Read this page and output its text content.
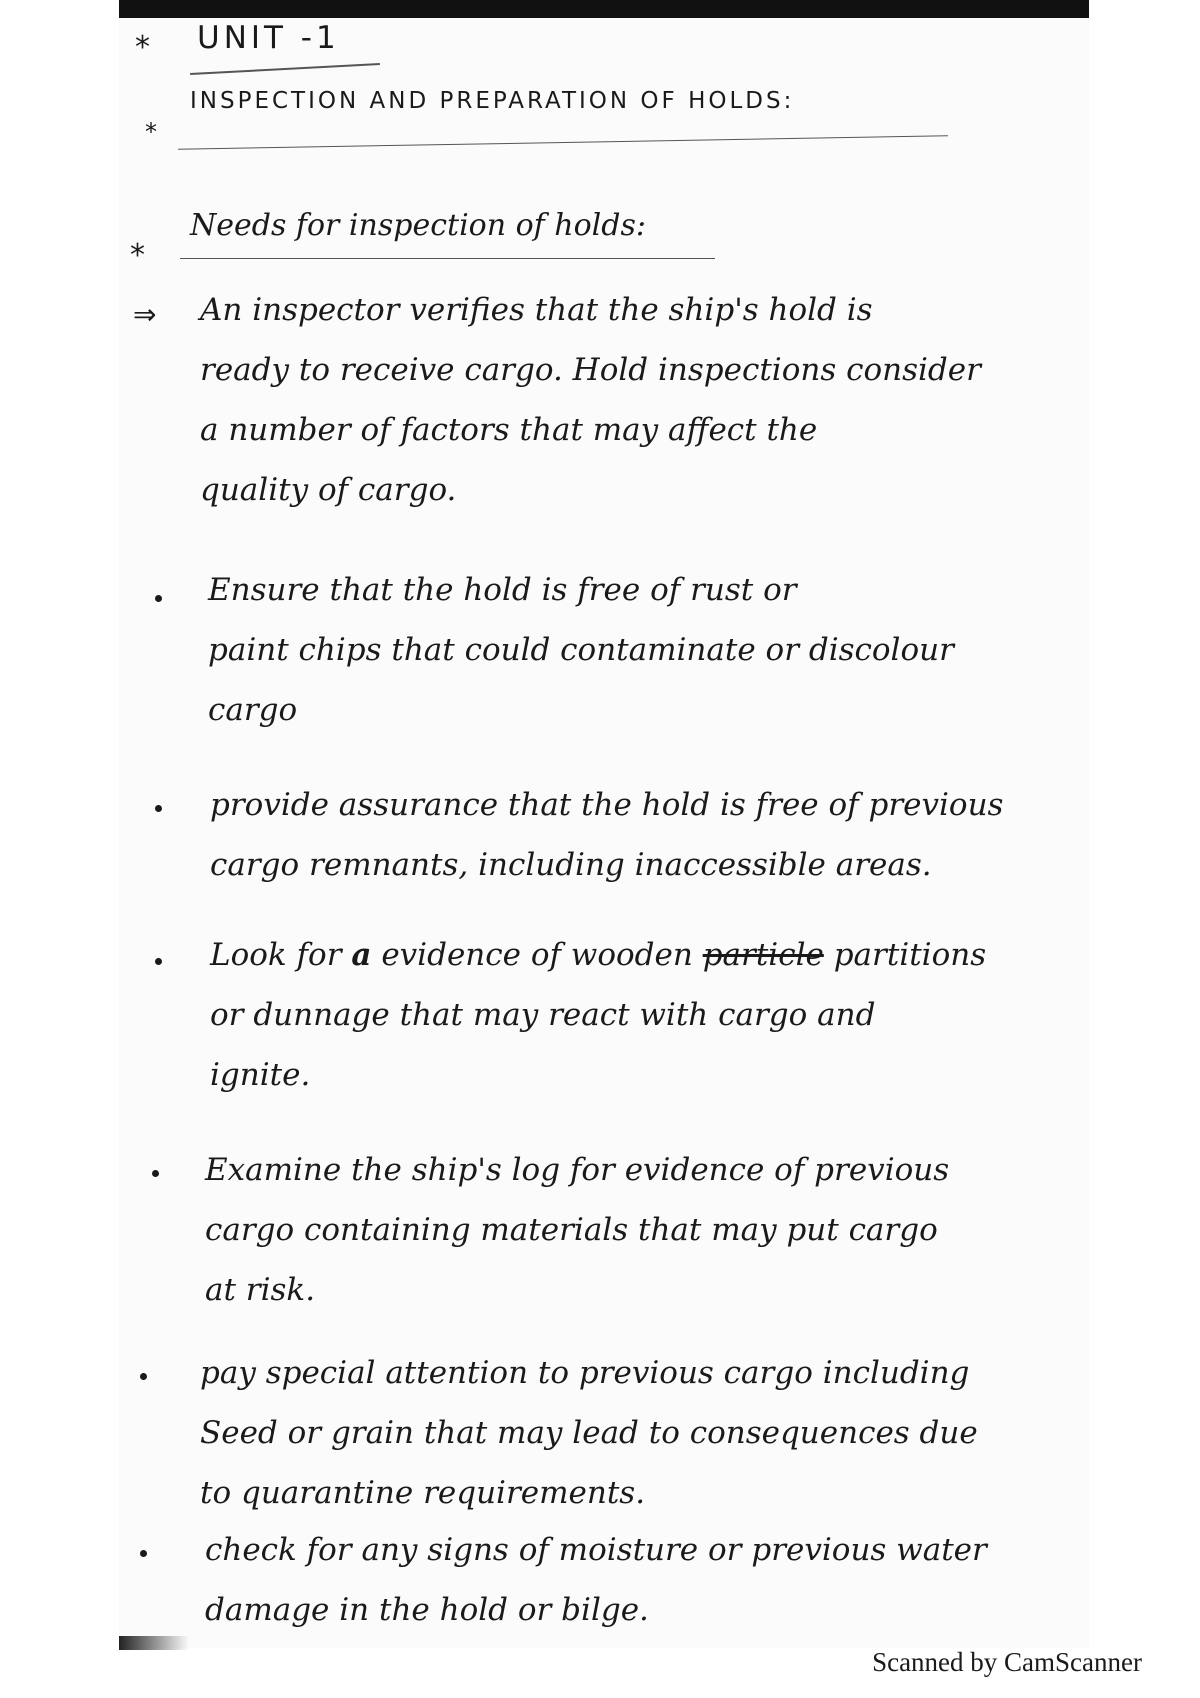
* UNIT -1
*
INSPECTION AND PREPARATION OF HOLDS:
*
Needs for inspection of holds:
⇒ An inspector verifies that the ship's hold is
ready to receive cargo. Hold inspections consider
a number of factors that may affect the
quality of cargo.
Ensure that the hold is free of rust or
paint chips that could contaminate or discolour
cargo
provide assurance that the hold is free of previous
cargo remnants, including inaccessible areas.
Look for a evidence of wooden particle partitions
or dunnage that may react with cargo and
ignite.
Examine the ship's log for evidence of previous
cargo containing materials that may put cargo
at risk.
pay special attention to previous cargo including
Seed or grain that may lead to consequences due
to quarantine requirements.
check for any signs of moisture or previous water
damage in the hold or bilge.
Scanned by CamScanner
